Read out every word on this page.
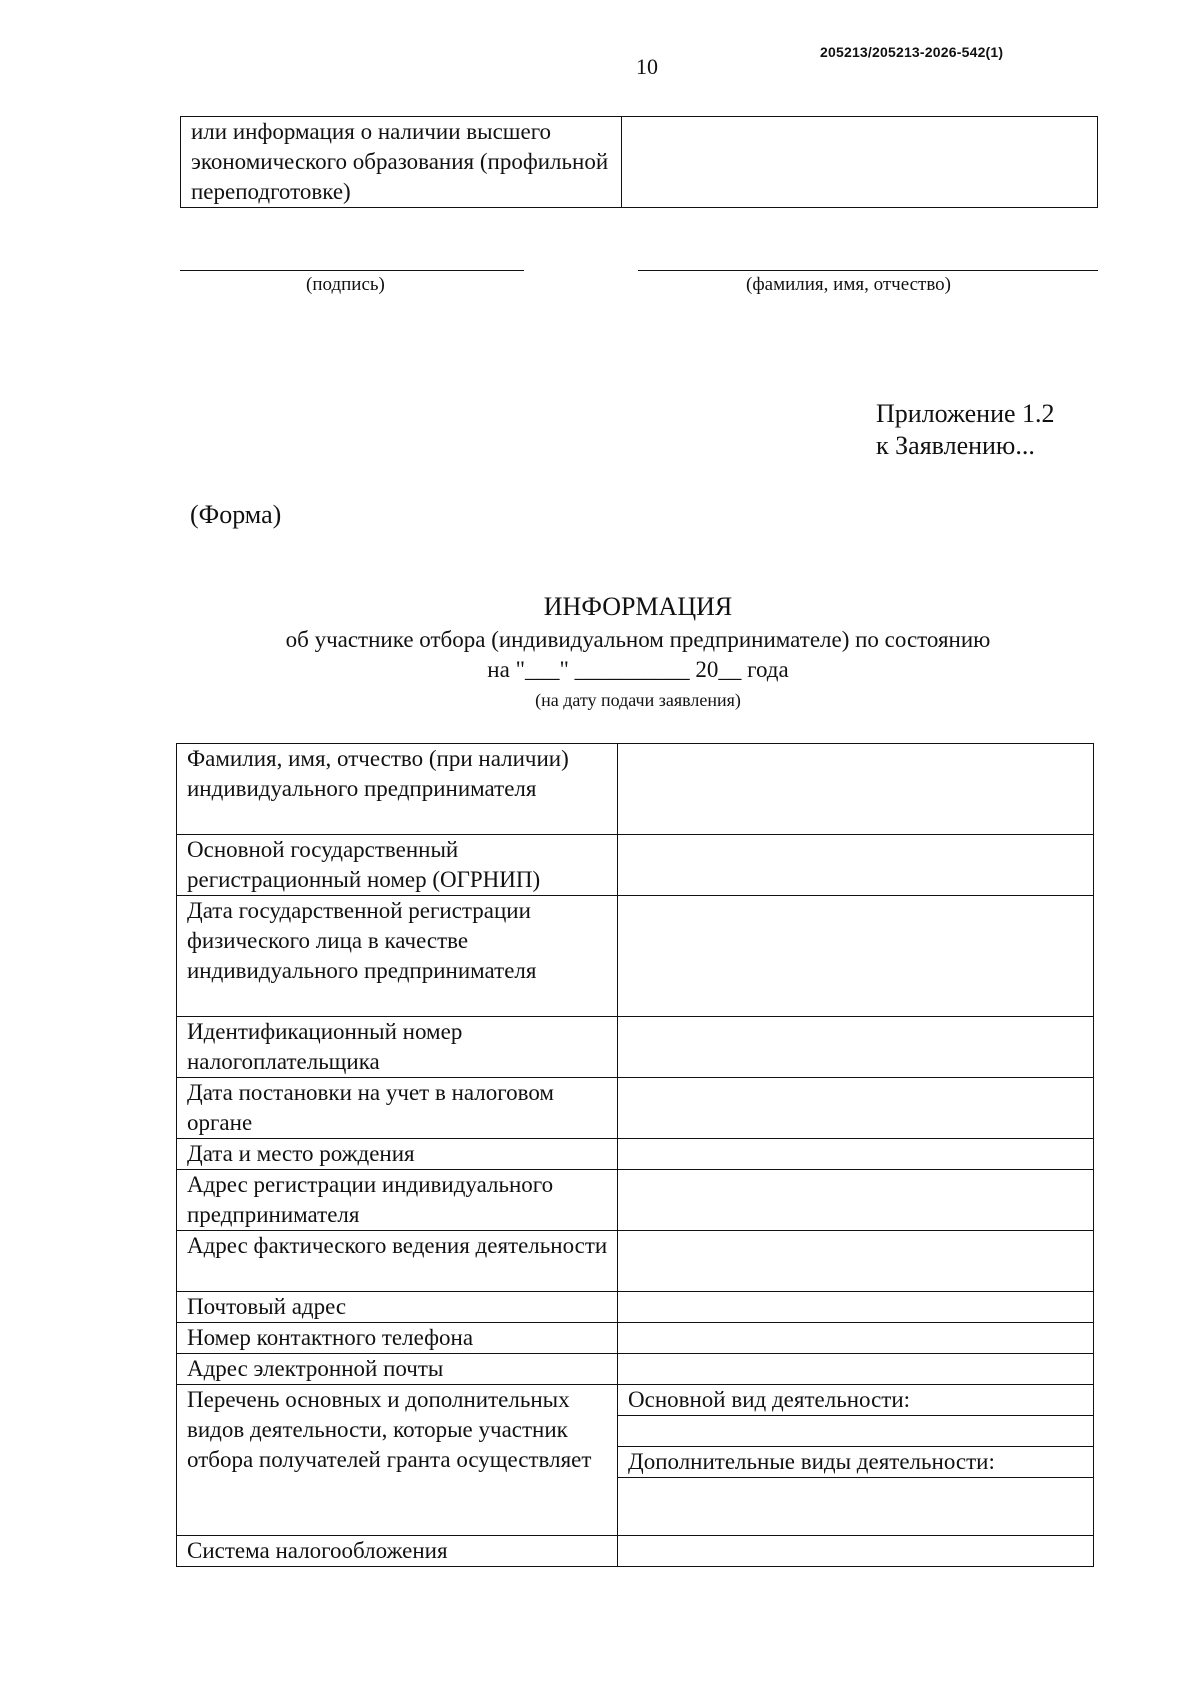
10
205213/205213-2026-542(1)
или информация о наличии высшего экономического образования (профильной переподготовке)	
(подпись)	(фамилия, имя, отчество)
Приложение 1.2
к Заявлению...
(Форма)
ИНФОРМАЦИЯ
об участнике отбора (индивидуальном предпринимателе) по состоянию
на "___" __________ 20__ года
(на дату подачи заявления)
Фамилия, имя, отчество (при наличии) индивидуального предпринимателя	
Основной государственный регистрационный номер (ОГРНИП)	
Дата государственной регистрации физического лица в качестве индивидуального предпринимателя	
Идентификационный номер налогоплательщика	
Дата постановки на учет в налоговом органе	
Дата и место рождения	
Адрес регистрации индивидуального предпринимателя	
Адрес фактического ведения деятельности	
Почтовый адрес	
Номер контактного телефона	
Адрес электронной почты	
Перечень основных и дополнительных видов деятельности, которые участник отбора получателей гранта осуществляет	
Основной вид деятельности:

Дополнительные виды деятельности:

Система налогообложения	
